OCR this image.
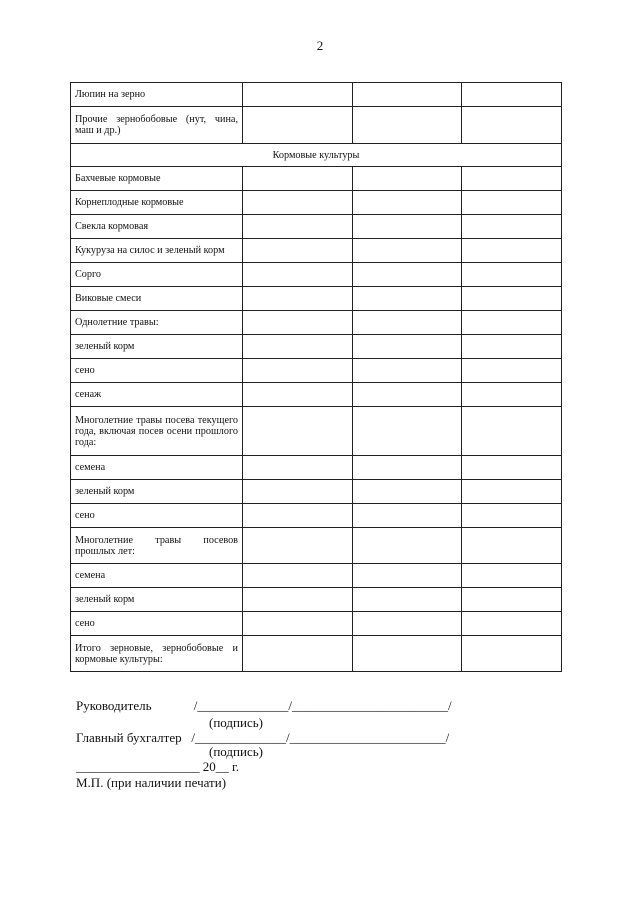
2
Люпин на зерно			
Прочие зернобобовые (нут, чина, маш и др.)			
Кормовые культуры			
Бахчевые кормовые			
Корнеплодные кормовые			
Свекла кормовая			
Кукуруза на силос и зеленый корм			
Сорго			
Виковые смеси			
Однолетние травы:			
зеленый корм			
сено			
сенаж			
Многолетние травы посева текущего года, включая посев осени прошлого года:			
семена			
зеленый корм			
сено			
Многолетние травы посевов прошлых лет:			
семена			
зеленый корм			
сено			
Итого зерновые, зернобобовые и кормовые культуры:			
Руководитель             /______________/________________________/
(подпись)
Главный бухгалтер   /______________/________________________/
(подпись)
___________________ 20__ г.
М.П. (при наличии печати)
